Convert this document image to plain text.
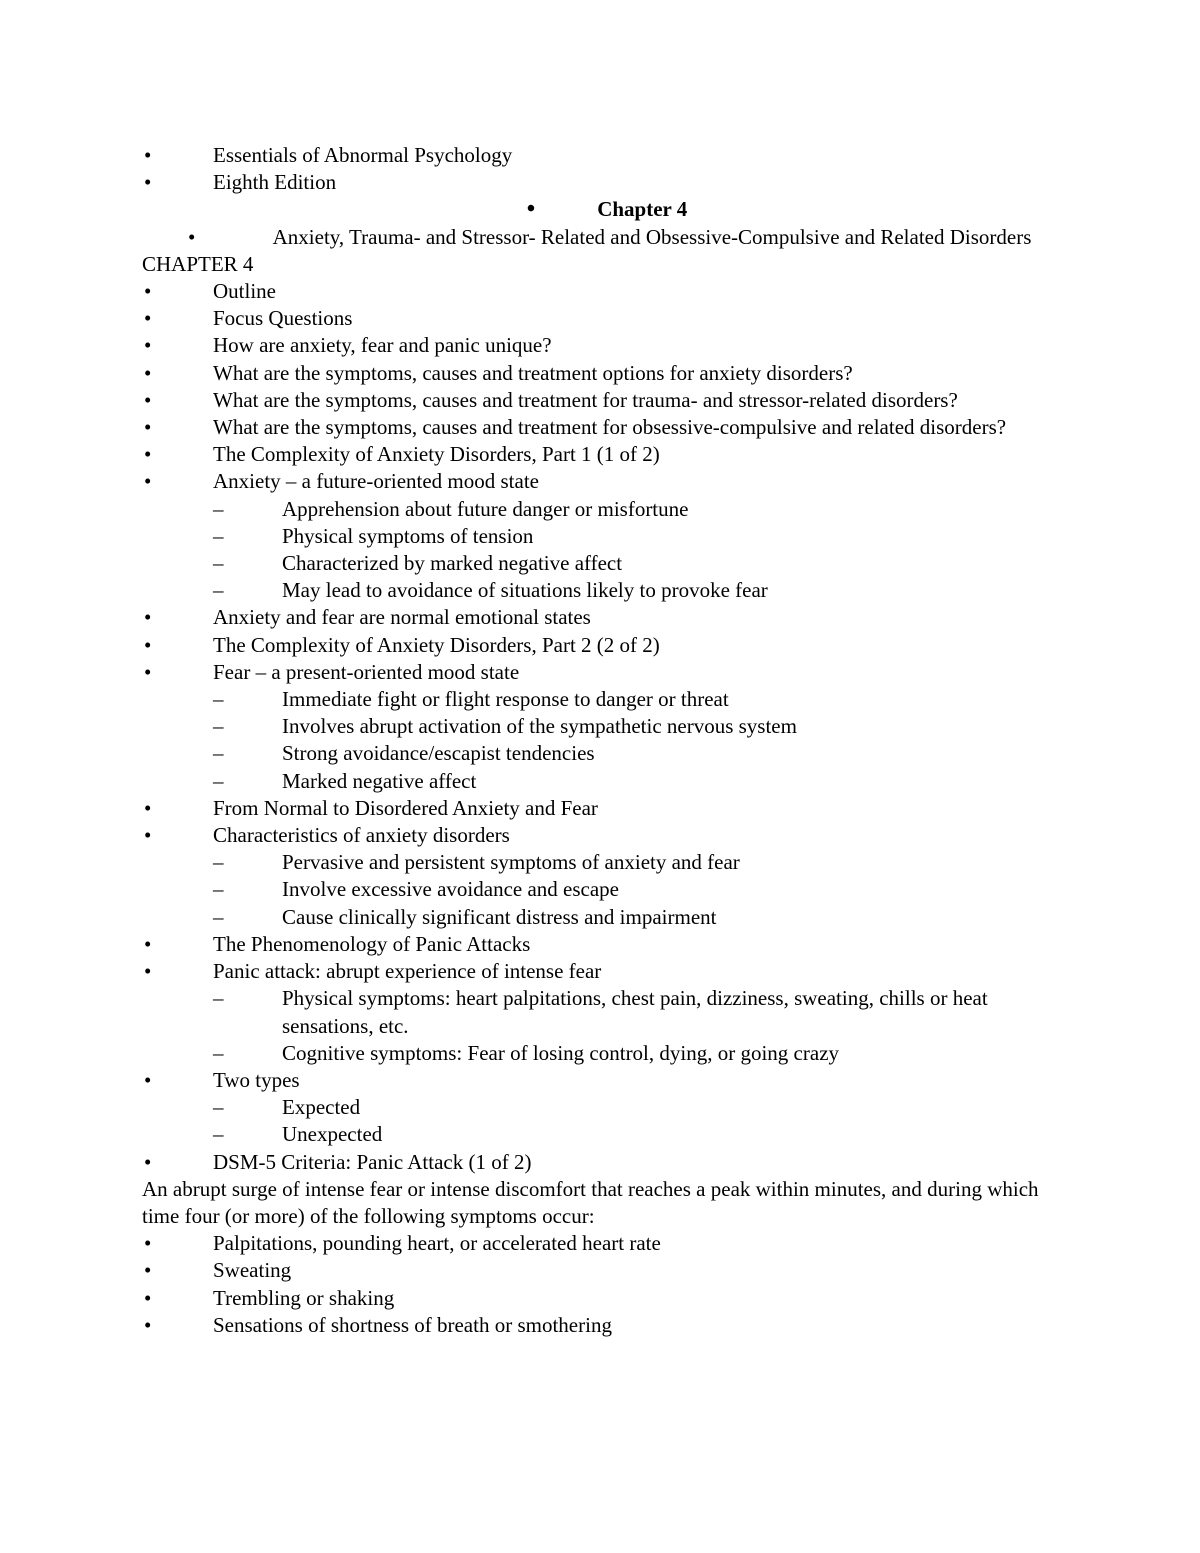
•	Essentials of Abnormal Psychology
•	Eighth Edition
•	Chapter 4
•	Anxiety, Trauma- and Stressor- Related and Obsessive-Compulsive and Related Disorders
CHAPTER 4
•	Outline
•	Focus Questions
•	How are anxiety, fear and panic unique?
•	What are the symptoms, causes and treatment options for anxiety disorders?
•	What are the symptoms, causes and treatment for trauma- and stressor-related disorders?
•	What are the symptoms, causes and treatment for obsessive-compulsive and related disorders?
•	The Complexity of Anxiety Disorders, Part 1 (1 of 2)
•	Anxiety – a future-oriented mood state
–	Apprehension about future danger or misfortune
–	Physical symptoms of tension
–	Characterized by marked negative affect
–	May lead to avoidance of situations likely to provoke fear
•	Anxiety and fear are normal emotional states
•	The Complexity of Anxiety Disorders, Part 2 (2 of 2)
•	Fear – a present-oriented mood state
–	Immediate fight or flight response to danger or threat
–	Involves abrupt activation of the sympathetic nervous system
–	Strong avoidance/escapist tendencies
–	Marked negative affect
•	From Normal to Disordered Anxiety and Fear
•	Characteristics of anxiety disorders
–	Pervasive and persistent symptoms of anxiety and fear
–	Involve excessive avoidance and escape
–	Cause clinically significant distress and impairment
•	The Phenomenology of Panic Attacks
•	Panic attack: abrupt experience of intense fear
–	Physical symptoms: heart palpitations, chest pain, dizziness, sweating, chills or heat sensations, etc.
–	Cognitive symptoms: Fear of losing control, dying, or going crazy
•	Two types
–	Expected
–	Unexpected
•	DSM-5 Criteria: Panic Attack (1 of 2)
An abrupt surge of intense fear or intense discomfort that reaches a peak within minutes, and during which time four (or more) of the following symptoms occur:
•	Palpitations, pounding heart, or accelerated heart rate
•	Sweating
•	Trembling or shaking
•	Sensations of shortness of breath or smothering
